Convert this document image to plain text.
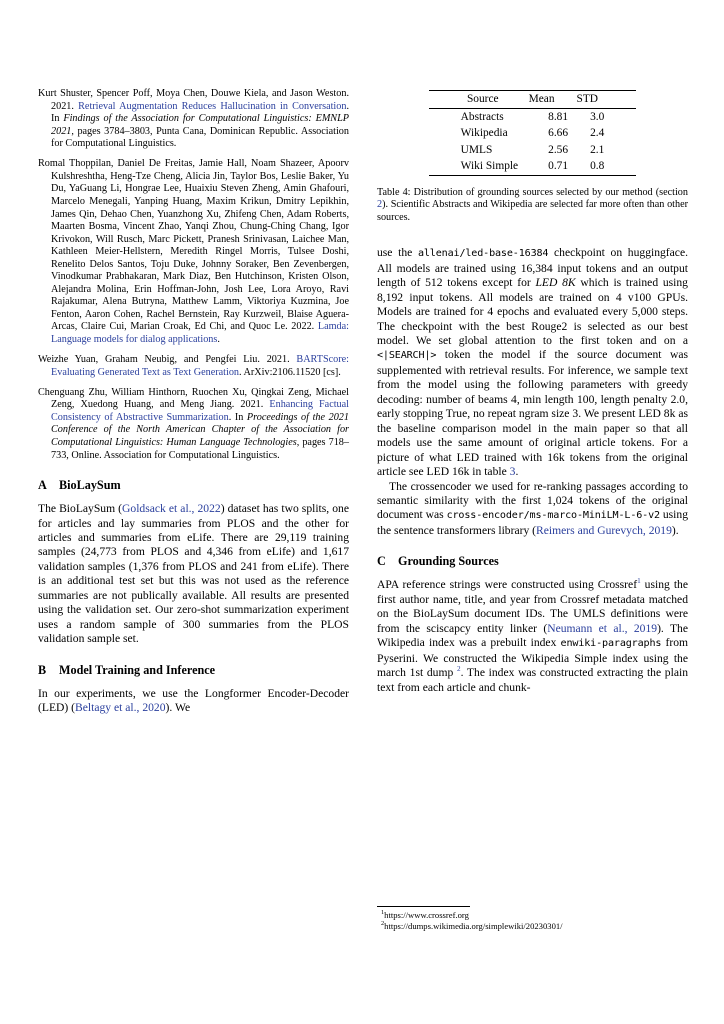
Kurt Shuster, Spencer Poff, Moya Chen, Douwe Kiela, and Jason Weston. 2021. Retrieval Augmentation Reduces Hallucination in Conversation. In Findings of the Association for Computational Linguistics: EMNLP 2021, pages 3784–3803, Punta Cana, Dominican Republic. Association for Computational Linguistics.

Romal Thoppilan, Daniel De Freitas, Jamie Hall, Noam Shazeer, Apoorv Kulshreshtha, Heng-Tze Cheng, Alicia Jin, Taylor Bos, Leslie Baker, Yu Du, YaGuang Li, Hongrae Lee, Huaixiu Steven Zheng, Amin Ghafouri, Marcelo Menegali, Yanping Huang, Maxim Krikun, Dmitry Lepikhin, James Qin, Dehao Chen, Yuanzhong Xu, Zhifeng Chen, Adam Roberts, Maarten Bosma, Vincent Zhao, Yanqi Zhou, Chung-Ching Chang, Igor Krivokon, Will Rusch, Marc Pickett, Pranesh Srinivasan, Laichee Man, Kathleen Meier-Hellstern, Meredith Ringel Morris, Tulsee Doshi, Renelito Delos Santos, Toju Duke, Johnny Soraker, Ben Zevenbergen, Vinodkumar Prabhakaran, Mark Diaz, Ben Hutchinson, Kristen Olson, Alejandra Molina, Erin Hoffman-John, Josh Lee, Lora Aroyo, Ravi Rajakumar, Alena Butryna, Matthew Lamm, Viktoriya Kuzmina, Joe Fenton, Aaron Cohen, Rachel Bernstein, Ray Kurzweil, Blaise Aguera-Arcas, Claire Cui, Marian Croak, Ed Chi, and Quoc Le. 2022. Lamda: Language models for dialog applications.

Weizhe Yuan, Graham Neubig, and Pengfei Liu. 2021. BARTScore: Evaluating Generated Text as Text Generation. ArXiv:2106.11520 [cs].

Chenguang Zhu, William Hinthorn, Ruochen Xu, Qingkai Zeng, Michael Zeng, Xuedong Huang, and Meng Jiang. 2021. Enhancing Factual Consistency of Abstractive Summarization. In Proceedings of the 2021 Conference of the North American Chapter of the Association for Computational Linguistics: Human Language Technologies, pages 718–733, Online. Association for Computational Linguistics.

A BioLaySum

The BioLaySum (Goldsack et al., 2022) dataset has two splits, one for articles and lay summaries from PLOS and the other for articles and summaries from eLife. There are 29,119 training samples (24,773 from PLOS and 4,346 from eLife) and 1,617 validation samples (1,376 from PLOS and 241 from eLife). There is an additional test set but this was not used as the reference summaries are not publically available. All results are presented using the validation set. Our zero-shot summarization experiment uses a random sample of 300 summaries from the PLOS validation sample set.

B Model Training and Inference

In our experiments, we use the Longformer Encoder-Decoder (LED) (Beltagy et al., 2020). We

Source	Mean	STD
Abstracts	8.81	3.0
Wikipedia	6.66	2.4
UMLS	2.56	2.1
Wiki Simple	0.71	0.8

Table 4: Distribution of grounding sources selected by our method (section 2). Scientific Abstracts and Wikipedia are selected far more often than other sources.

use the allenai/led-base-16384 checkpoint on huggingface. All models are trained using 16,384 input tokens and an output length of 512 tokens except for LED 8K which is trained using 8,192 input tokens. All models are trained on 4 v100 GPUs. Models are trained for 4 epochs and evaluated every 5,000 steps. The checkpoint with the best Rouge2 is selected as our best model. We set global attention to the first token and on a <|SEARCH|> token the model if the source document was supplemented with retrieval results. For inference, we sample text from the model using the following parameters with greedy decoding: number of beams 4, min length 100, length penalty 2.0, early stopping True, no repeat ngram size 3. We present LED 8k as the baseline comparison model in the main paper so that all models use the same amount of original article tokens. For a picture of what LED trained with 16k tokens from the original article see LED 16k in table 3.

The crossencoder we used for re-ranking passages according to semantic similarity with the first 1,024 tokens of the original document was cross-encoder/ms-marco-MiniLM-L-6-v2 using the sentence transformers library (Reimers and Gurevych, 2019).

C Grounding Sources

APA reference strings were constructed using Crossref$^1$ using the first author name, title, and year from Crossref metadata matched on the BioLaySum document IDs. The UMLS definitions were from the sciscapcy entity linker (Neumann et al., 2019). The Wikipedia index was a prebuilt index enwiki-paragraphs from Pyserini. We constructed the Wikipedia Simple index using the march 1st dump $^2$. The index was constructed extracting the plain text from each article and chunk-

$^1$https://www.crossref.org

$^2$https://dumps.wikimedia.org/simplewiki/20230301/
